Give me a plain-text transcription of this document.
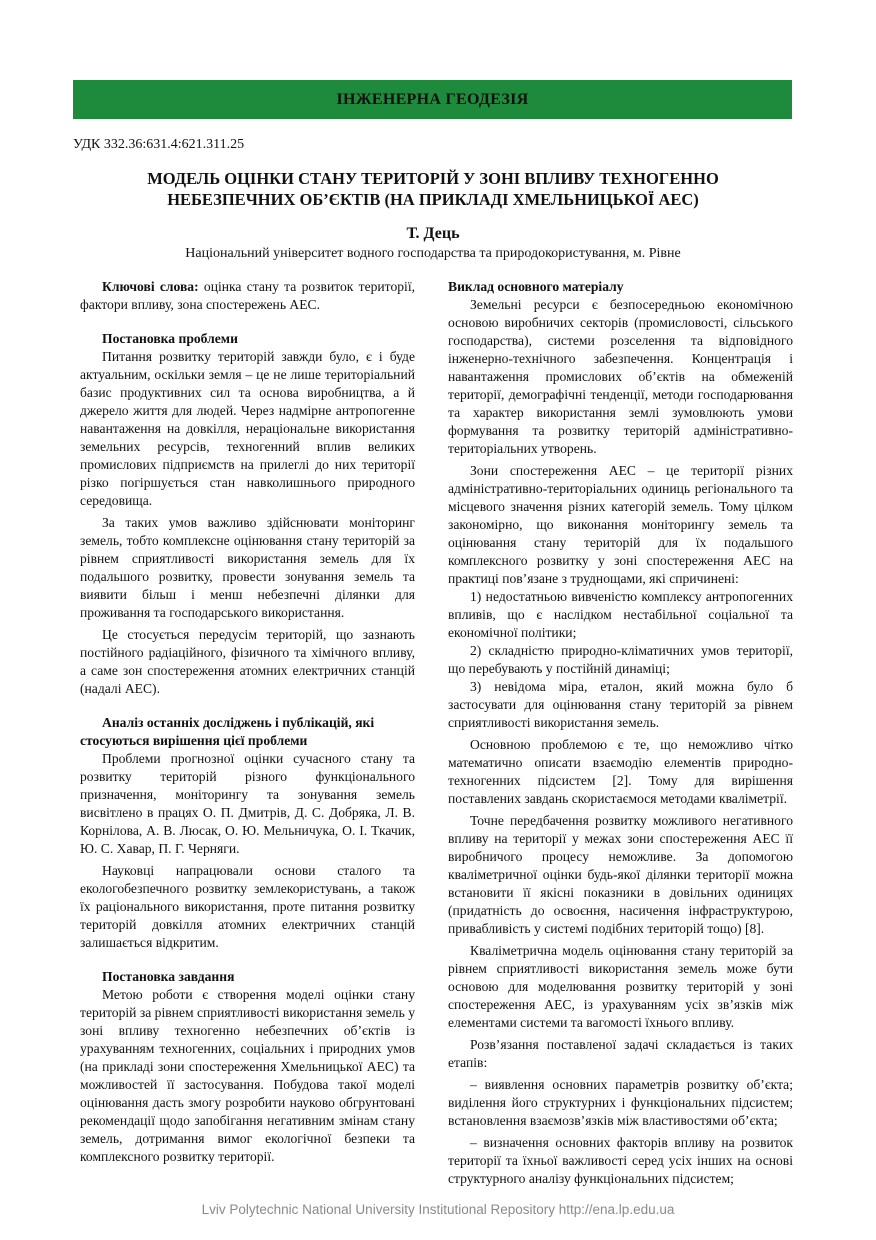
ІНЖЕНЕРНА ГЕОДЕЗІЯ
УДК 332.36:631.4:621.311.25
МОДЕЛЬ ОЦІНКИ СТАНУ ТЕРИТОРІЙ У ЗОНІ ВПЛИВУ ТЕХНОГЕННО
НЕБЕЗПЕЧНИХ ОБ’ЄКТІВ (НА ПРИКЛАДІ ХМЕЛЬНИЦЬКОЇ АЕС)
Т. Дець
Національний університет водного господарства та природокористування, м. Рівне

Ключові слова: оцінка стану та розвиток території, фактори впливу, зона спостережень АЕС.

Постановка проблеми

Питання розвитку територій завжди було, є і буде актуальним, оскільки земля – це не лише територіальний базис продуктивних сил та основа виробництва, а й джерело життя для людей. Через надмірне антропогенне навантаження на довкілля, нераціональне використання земельних ресурсів, техногенний вплив великих промислових підприємств на прилеглі до них території різко погіршується стан навколишнього природного середовища.

За таких умов важливо здійснювати моніторинг земель, тобто комплексне оцінювання стану територій за рівнем сприятливості використання земель для їх подальшого розвитку, провести зонування земель та виявити більш і менш небезпечні ділянки для проживання та господарського використання.

Це стосується передусім територій, що зазнають постійного радіаційного, фізичного та хімічного впливу, а саме зон спостереження атомних електричних станцій (надалі АЕС).

Аналіз останніх досліджень і публікацій, які стосуються вирішення цієї проблеми

Проблеми прогнозної оцінки сучасного стану та розвитку територій різного функціонального призначення, моніторингу та зонування земель висвітлено в працях О. П. Дмитрів, Д. С. Добряка, Л. В. Корнілова, А. В. Люсак, О. Ю. Мельничука, О. І. Ткачик, Ю. С. Хавар, П. Г. Черняги.

Науковці напрацювали основи сталого та екологобезпечного розвитку землекористувань, а також їх раціонального використання, проте питання розвитку територій довкілля атомних електричних станцій залишається відкритим.

Постановка завдання

Метою роботи є створення моделі оцінки стану територій за рівнем сприятливості використання земель у зоні впливу техногенно небезпечних об’єктів із урахуванням техногенних, соціальних і природних умов (на прикладі зони спостереження Хмельницької АЕС) та можливостей її застосування. Побудова такої моделі оцінювання дасть змогу розробити науково обгрунтовані рекомендації щодо запобігання негативним змінам стану земель, дотримання вимог екологічної безпеки та комплексного розвитку території.

Виклад основного матеріалу

Земельні ресурси є безпосередньою економічною основою виробничих секторів (промисловості, сільського господарства), системи розселення та відповідного інженерно-технічного забезпечення. Концентрація і навантаження промислових об’єктів на обмеженій території, демографічні тенденції, методи господарювання та характер використання землі зумовлюють умови формування та розвитку територій адміністративно-територіальних утворень.

Зони спостереження АЕС – це території різних адміністративно-територіальних одиниць регіонального та місцевого значення різних категорій земель. Тому цілком закономірно, що виконання моніторингу земель та оцінювання стану територій для їх подальшого комплексного розвитку у зоні спостереження АЕС на практиці пов’язане з труднощами, які спричинені:

1) недостатньою вивченістю комплексу антропогенних впливів, що є наслідком нестабільної соціальної та економічної політики;

2) складністю природно-кліматичних умов території, що перебувають у постійній динаміці;

3) невідома міра, еталон, який можна було б застосувати для оцінювання стану територій за рівнем сприятливості використання земель.

Основною проблемою є те, що неможливо чітко математично описати взаємодію елементів природно-техногенних підсистем [2]. Тому для вирішення поставлених завдань скористаємося методами кваліметрії.

Точне передбачення розвитку можливого негативного впливу на території у межах зони спостереження АЕС її виробничого процесу неможливе. За допомогою кваліметричної оцінки будь-якої ділянки території можна встановити її якісні показники в довільних одиницях (придатність до освоєння, насичення інфраструктурою, привабливість у системі подібних територій тощо) [8].

Кваліметрична модель оцінювання стану територій за рівнем сприятливості використання земель може бути основою для моделювання розвитку територій у зоні спостереження АЕС, із урахуванням усіх зв’язків між елементами системи та вагомості їхнього впливу.

Розв’язання поставленої задачі складається із таких етапів:

– виявлення основних параметрів розвитку об’єкта; виділення його структурних і функціональних підсистем; встановлення взаємозв’язків між властивостями об’єкта;

– визначення основних факторів впливу на розвиток території та їхньої важливості серед усіх інших на основі структурного аналізу функціональних підсистем;

Lviv Polytechnic National University Institutional Repository http://ena.lp.edu.ua
